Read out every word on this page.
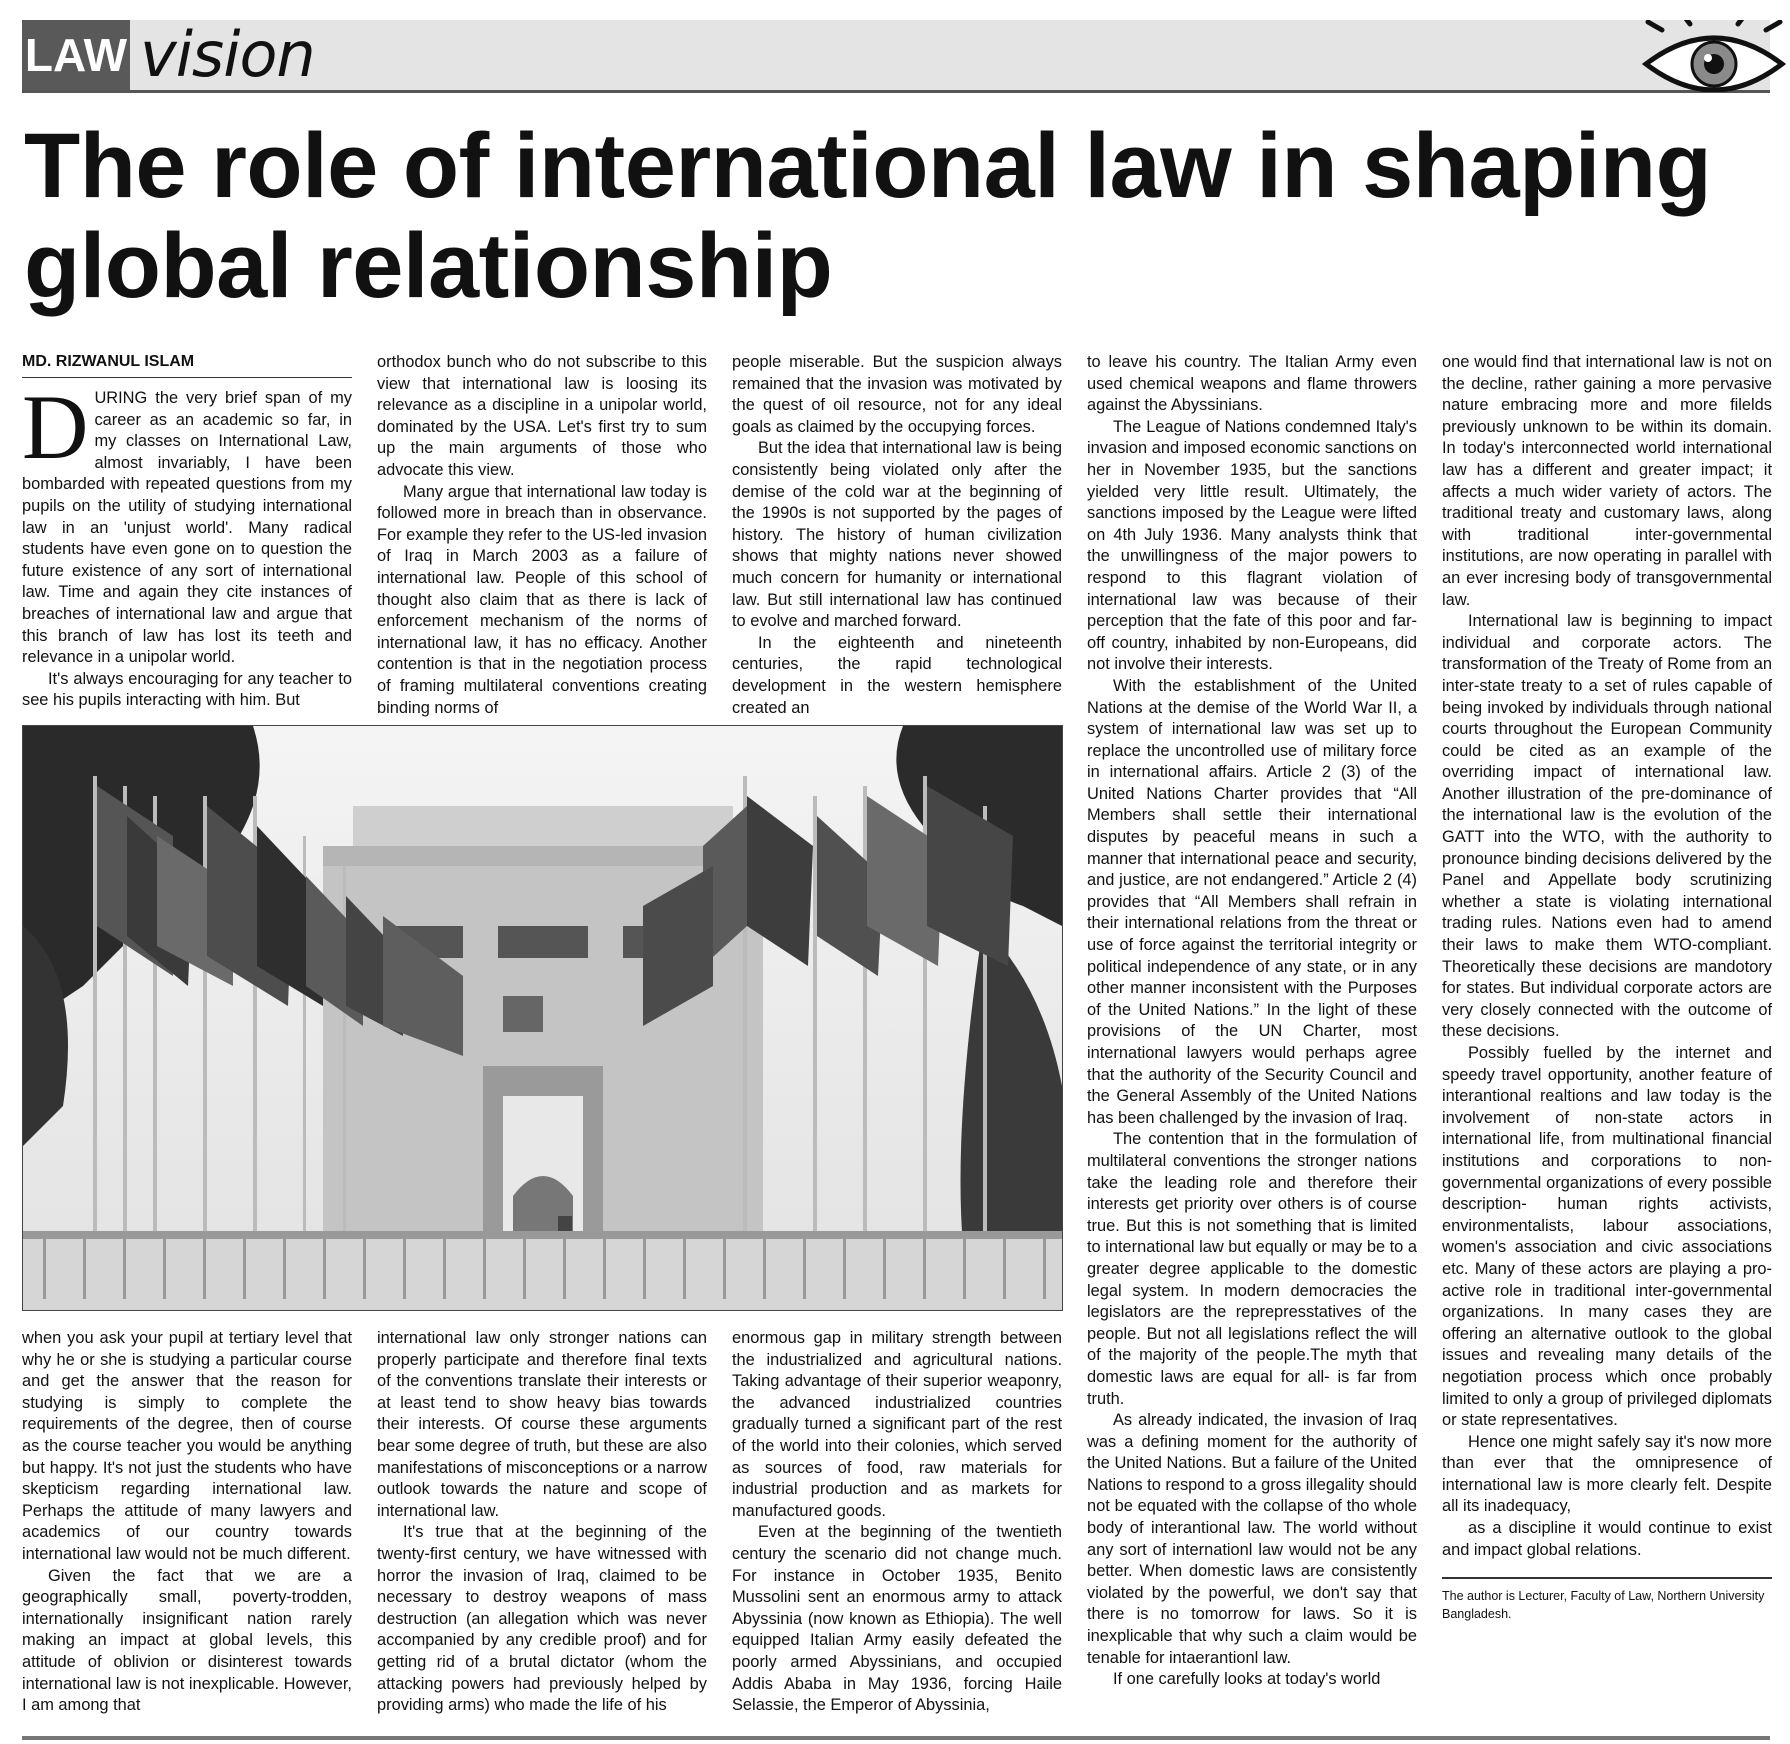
LAW vision
The role of international law in shaping global relationship
MD. RIZWANUL ISLAM
D URING the very brief span of my career as an academic so far, in my classes on International Law, almost invariably, I have been bombarded with repeated questions from my pupils on the utility of studying international law in an 'unjust world'. Many radical students have even gone on to question the future existence of any sort of international law. Time and again they cite instances of breaches of international law and argue that this branch of law has lost its teeth and relevance in a unipolar world.

It's always encouraging for any teacher to see his pupils interacting with him. But

orthodox bunch who do not subscribe to this view that international law is loosing its relevance as a discipline in a unipolar world, dominated by the USA. Let's first try to sum up the main arguments of those who advocate this view.

Many argue that international law today is followed more in breach than in observance. For example they refer to the US-led invasion of Iraq in March 2003 as a failure of international law. People of this school of thought also claim that as there is lack of enforcement mechanism of the norms of international law, it has no efficacy. Another contention is that in the negotiation process of framing multilateral conventions creating binding norms of

people miserable. But the suspicion always remained that the invasion was motivated by the quest of oil resource, not for any ideal goals as claimed by the occupying forces.

But the idea that international law is being consistently being violated only after the demise of the cold war at the beginning of the 1990s is not supported by the pages of history. The history of human civilization shows that mighty nations never showed much concern for humanity or international law. But still international law has continued to evolve and marched forward.

In the eighteenth and nineteenth centuries, the rapid technological development in the western hemisphere created an

when you ask your pupil at tertiary level that why he or she is studying a particular course and get the answer that the reason for studying is simply to complete the requirements of the degree, then of course as the course teacher you would be anything but happy. It's not just the students who have skepticism regarding international law. Perhaps the attitude of many lawyers and academics of our country towards international law would not be much different.

Given the fact that we are a geographically small, poverty-trodden, internationally insignificant nation rarely making an impact at global levels, this attitude of oblivion or disinterest towards international law is not inexplicable. However, I am among that

international law only stronger nations can properly participate and therefore final texts of the conventions translate their interests or at least tend to show heavy bias towards their interests. Of course these arguments bear some degree of truth, but these are also manifestations of misconceptions or a narrow outlook towards the nature and scope of international law.

It's true that at the beginning of the twenty-first century, we have witnessed with horror the invasion of Iraq, claimed to be necessary to destroy weapons of mass destruction (an allegation which was never accompanied by any credible proof) and for getting rid of a brutal dictator (whom the attacking powers had previously helped by providing arms) who made the life of his

enormous gap in military strength between the industrialized and agricultural nations. Taking advantage of their superior weaponry, the advanced industrialized countries gradually turned a significant part of the rest of the world into their colonies, which served as sources of food, raw materials for industrial production and as markets for manufactured goods.

Even at the beginning of the twentieth century the scenario did not change much. For instance in October 1935, Benito Mussolini sent an enormous army to attack Abyssinia (now known as Ethiopia). The well equipped Italian Army easily defeated the poorly armed Abyssinians, and occupied Addis Ababa in May 1936, forcing Haile Selassie, the Emperor of Abyssinia,

to leave his country. The Italian Army even used chemical weapons and flame throwers against the Abyssinians.

The League of Nations condemned Italy's invasion and imposed economic sanctions on her in November 1935, but the sanctions yielded very little result. Ultimately, the sanctions imposed by the League were lifted on 4th July 1936. Many analysts think that the unwillingness of the major powers to respond to this flagrant violation of international law was because of their perception that the fate of this poor and far-off country, inhabited by non-Europeans, did not involve their interests.

With the establishment of the United Nations at the demise of the World War II, a system of international law was set up to replace the uncontrolled use of military force in international affairs. Article 2 (3) of the United Nations Charter provides that “All Members shall settle their international disputes by peaceful means in such a manner that international peace and security, and justice, are not endangered.” Article 2 (4) provides that “All Members shall refrain in their international relations from the threat or use of force against the territorial integrity or political independence of any state, or in any other manner inconsistent with the Purposes of the United Nations.” In the light of these provisions of the UN Charter, most international lawyers would perhaps agree that the authority of the Security Council and the General Assembly of the United Nations has been challenged by the invasion of Iraq.

The contention that in the formulation of multilateral conventions the stronger nations take the leading role and therefore their interests get priority over others is of course true. But this is not something that is limited to international law but equally or may be to a greater degree applicable to the domestic legal system. In modern democracies the legislators are the reprepresstatives of the people. But not all legislations reflect the will of the majority of the people.The myth that domestic laws are equal for all- is far from truth.

As already indicated, the invasion of Iraq was a defining moment for the authority of the United Nations. But a failure of the United Nations to respond to a gross illegality should not be equated with the collapse of tho whole body of interantional law. The world without any sort of internationl law would not be any better. When domestic laws are consistently violated by the powerful, we don't say that there is no tomorrow for laws. So it is inexplicable that why such a claim would be tenable for intaerantionl law.

If one carefully looks at today's world

one would find that international law is not on the decline, rather gaining a more pervasive nature embracing more and more filelds previously unknown to be within its domain. In today's interconnected world international law has a different and greater impact; it affects a much wider variety of actors. The traditional treaty and customary laws, along with traditional inter-governmental institutions, are now operating in parallel with an ever incresing body of transgovernmental law.

International law is beginning to impact individual and corporate actors. The transformation of the Treaty of Rome from an inter-state treaty to a set of rules capable of being invoked by individuals through national courts throughout the European Community could be cited as an example of the overriding impact of international law. Another illustration of the pre-dominance of the international law is the evolution of the GATT into the WTO, with the authority to pronounce binding decisions delivered by the Panel and Appellate body scrutinizing whether a state is violating international trading rules. Nations even had to amend their laws to make them WTO-compliant. Theoretically these decisions are mandotory for states. But individual corporate actors are very closely connected with the outcome of these decisions.

Possibly fuelled by the internet and speedy travel opportunity, another feature of interantional realtions and law today is the involvement of non-state actors in international life, from multinational financial institutions and corporations to non-governmental organizations of every possible description- human rights activists, environmentalists, labour associations, women's association and civic associations etc. Many of these actors are playing a pro-active role in traditional inter-governmental organizations. In many cases they are offering an alternative outlook to the global issues and revealing many details of the negotiation process which once probably limited to only a group of privileged diplomats or state representatives.

Hence one might safely say it's now more than ever that the omnipresence of international law is more clearly felt. Despite all its inadequacy,

as a discipline it would continue to exist and impact global relations.

The author is Lecturer, Faculty of Law, Northern University Bangladesh.
